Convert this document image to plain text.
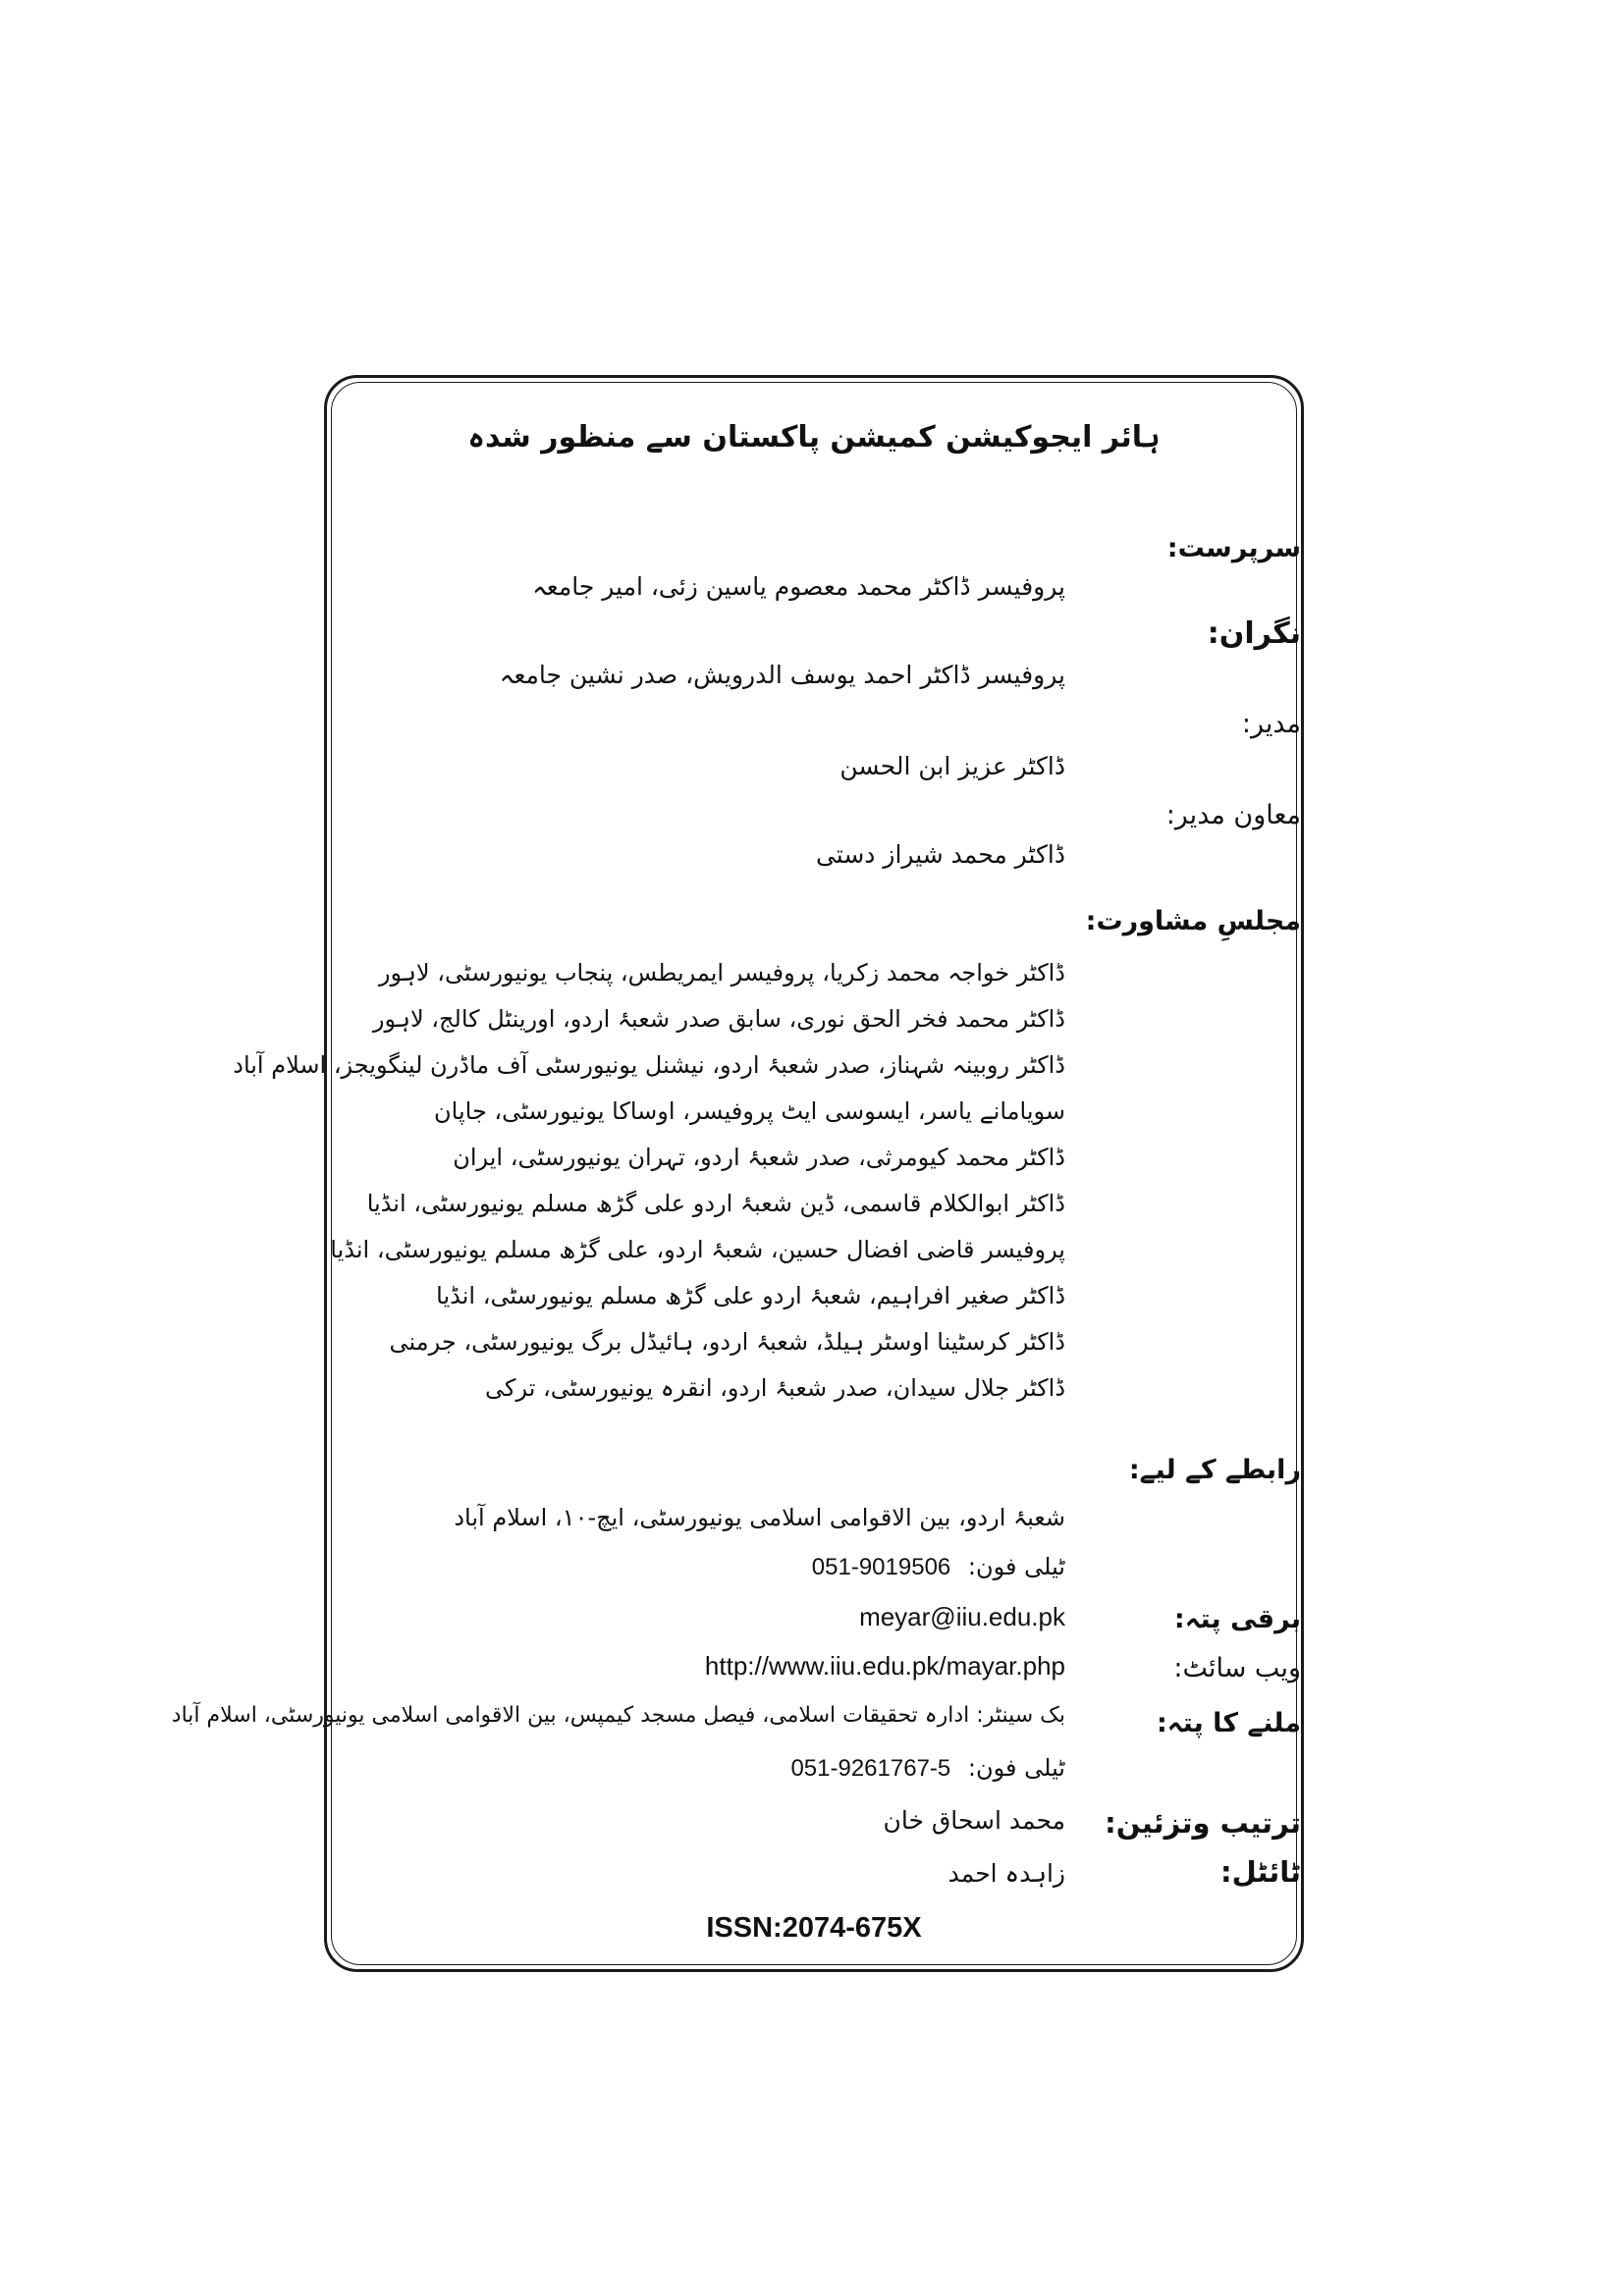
ہائر ایجوکیشن کمیشن پاکستان سے منظور شدہ
سرپرست:
پروفیسر ڈاکٹر محمد معصوم یاسین زئی، امیر جامعہ
نگران:
پروفیسر ڈاکٹر احمد یوسف الدرویش، صدر نشین جامعہ
مدیر:
ڈاکٹر عزیز ابن الحسن
معاون مدیر:
ڈاکٹر محمد شیراز دستی
مجلسِ مشاورت:
ڈاکٹر خواجہ محمد زکریا، پروفیسر ایمریطس، پنجاب یونیورسٹی، لاہور
ڈاکٹر محمد فخر الحق نوری، سابق صدر شعبۂ اردو، اورینٹل کالج، لاہور
ڈاکٹر روبینہ شہناز، صدر شعبۂ اردو، نیشنل یونیورسٹی آف ماڈرن لینگویجز، اسلام آباد
سویامانے یاسر، ایسوسی ایٹ پروفیسر، اوساکا یونیورسٹی، جاپان
ڈاکٹر محمد کیومرثی، صدر شعبۂ اردو، تہران یونیورسٹی، ایران
ڈاکٹر ابوالکلام قاسمی، ڈین شعبۂ اردو علی گڑھ مسلم یونیورسٹی، انڈیا
پروفیسر قاضی افضال حسین، شعبۂ اردو، علی گڑھ مسلم یونیورسٹی، انڈیا
ڈاکٹر صغیر افراہیم، شعبۂ اردو علی گڑھ مسلم یونیورسٹی، انڈیا
ڈاکٹر کرسٹینا اوسٹر ہیلڈ، شعبۂ اردو، ہائیڈل برگ یونیورسٹی، جرمنی
ڈاکٹر جلال سیدان، صدر شعبۂ اردو، انقرہ یونیورسٹی، ترکی
رابطے کے لیے:
شعبۂ اردو، بین الاقوامی اسلامی یونیورسٹی، ایچ-۱۰، اسلام آباد
ٹیلی فون: 051-9019506
برقی پتہ:
meyar@iiu.edu.pk
ویب سائٹ:
http://www.iiu.edu.pk/mayar.php
ملنے کا پتہ:
بک سینٹر: ادارہ تحقیقات اسلامی، فیصل مسجد کیمپس، بین الاقوامی اسلامی یونیورسٹی، اسلام آباد
ٹیلی فون: 051-9261767-5
ترتیب وتزئین:
محمد اسحاق خان
ٹائٹل:
زاہدہ احمد
ISSN:2074-675X
